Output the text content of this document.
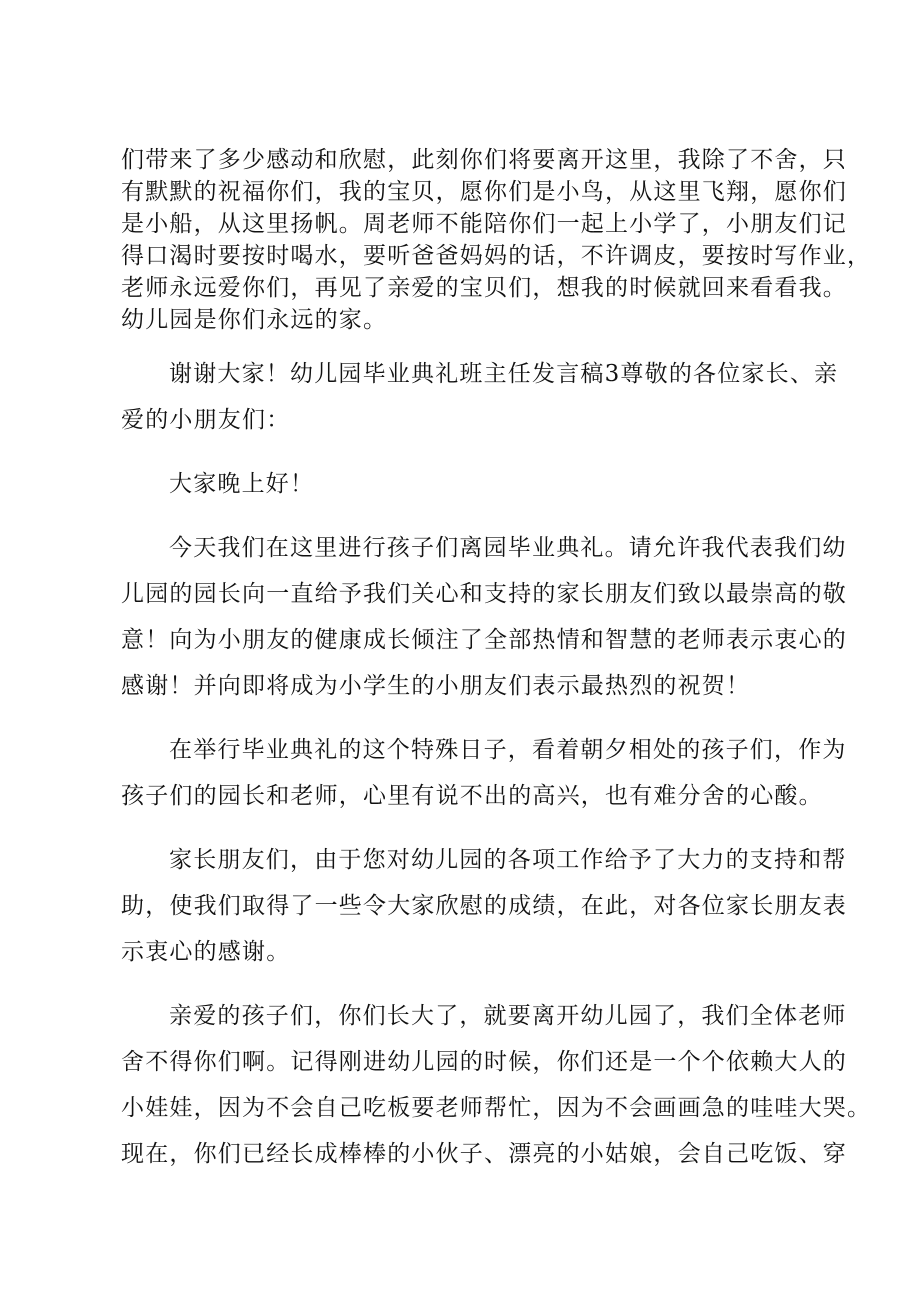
们带来了多少感动和欣慰，此刻你们将要离开这里，我除了不舍，只

有默默的祝福你们，我的宝贝，愿你们是小鸟，从这里飞翔，愿你们

是小船，从这里扬帆。周老师不能陪你们一起上小学了，小朋友们记

得口渴时要按时喝水，要听爸爸妈妈的话，不许调皮，要按时写作业，

老师永远爱你们，再见了亲爱的宝贝们，想我的时候就回来看看我。

幼儿园是你们永远的家。

谢谢大家！幼儿园毕业典礼班主任发言稿3尊敬的各位家长、亲

爱的小朋友们：

大家晚上好！

今天我们在这里进行孩子们离园毕业典礼。请允许我代表我们幼

儿园的园长向一直给予我们关心和支持的家长朋友们致以最崇高的敬

意！向为小朋友的健康成长倾注了全部热情和智慧的老师表示衷心的

感谢！并向即将成为小学生的小朋友们表示最热烈的祝贺！

在举行毕业典礼的这个特殊日子，看着朝夕相处的孩子们，作为

孩子们的园长和老师，心里有说不出的高兴，也有难分舍的心酸。

家长朋友们，由于您对幼儿园的各项工作给予了大力的支持和帮

助，使我们取得了一些令大家欣慰的成绩，在此，对各位家长朋友表

示衷心的感谢。

亲爱的孩子们，你们长大了，就要离开幼儿园了，我们全体老师

舍不得你们啊。记得刚进幼儿园的时候，你们还是一个个依赖大人的

小娃娃，因为不会自己吃板要老师帮忙，因为不会画画急的哇哇大哭。

现在，你们已经长成棒棒的小伙子、漂亮的小姑娘，会自己吃饭、穿
